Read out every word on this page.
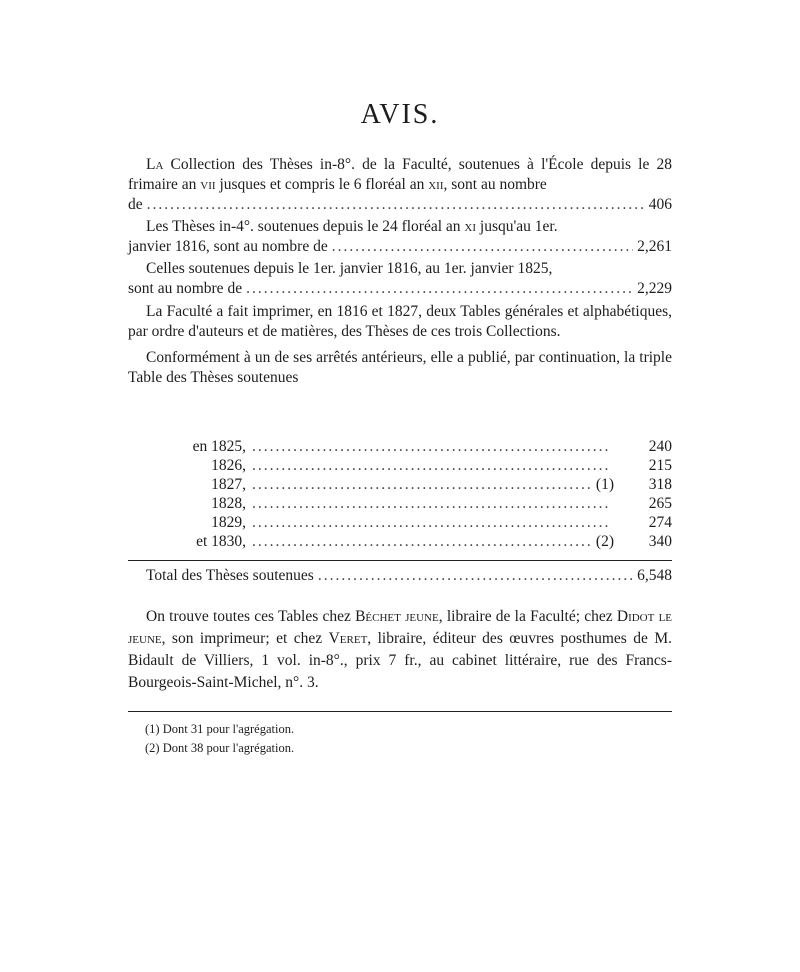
AVIS.

La Collection des Thèses in-8°. de la Faculté, soutenues à l'École depuis le 28 frimaire an vii jusques et compris le 6 floréal an xii, sont au nombre

de .....	406

Les Thèses in-4°. soutenues depuis le 24 floréal an xi jusqu'au 1er.

janvier 1816, sont au nombre de .....	2,261

Celles soutenues depuis le 1er. janvier 1816, au 1er. janvier 1825,

sont au nombre de .....	2,229

La Faculté a fait imprimer, en 1816 et 1827, deux Tables générales et alphabétiques, par ordre d'auteurs et de matières, des Thèses de ces trois Collections.

Conformément à un de ses arrêtés antérieurs, elle a publié, par continuation, la triple Table des Thèses soutenues

en 1825, .....	240
1826, .....	215
1827, .....	(1)	318
1828, .....	265
1829, .....	274
et 1830, .....	(2)	340
Total des Thèses soutenues .....	6,548

On trouve toutes ces Tables chez Béchet jeune, libraire de la Faculté; chez Didot le jeune, son imprimeur; et chez Veret, libraire, éditeur des œuvres posthumes de M. Bidault de Villiers, 1 vol. in-8°., prix 7 fr., au cabinet littéraire, rue des Francs-Bourgeois-Saint-Michel, n°. 3.

(1) Dont 31 pour l'agrégation.
(2) Dont 38 pour l'agrégation.
